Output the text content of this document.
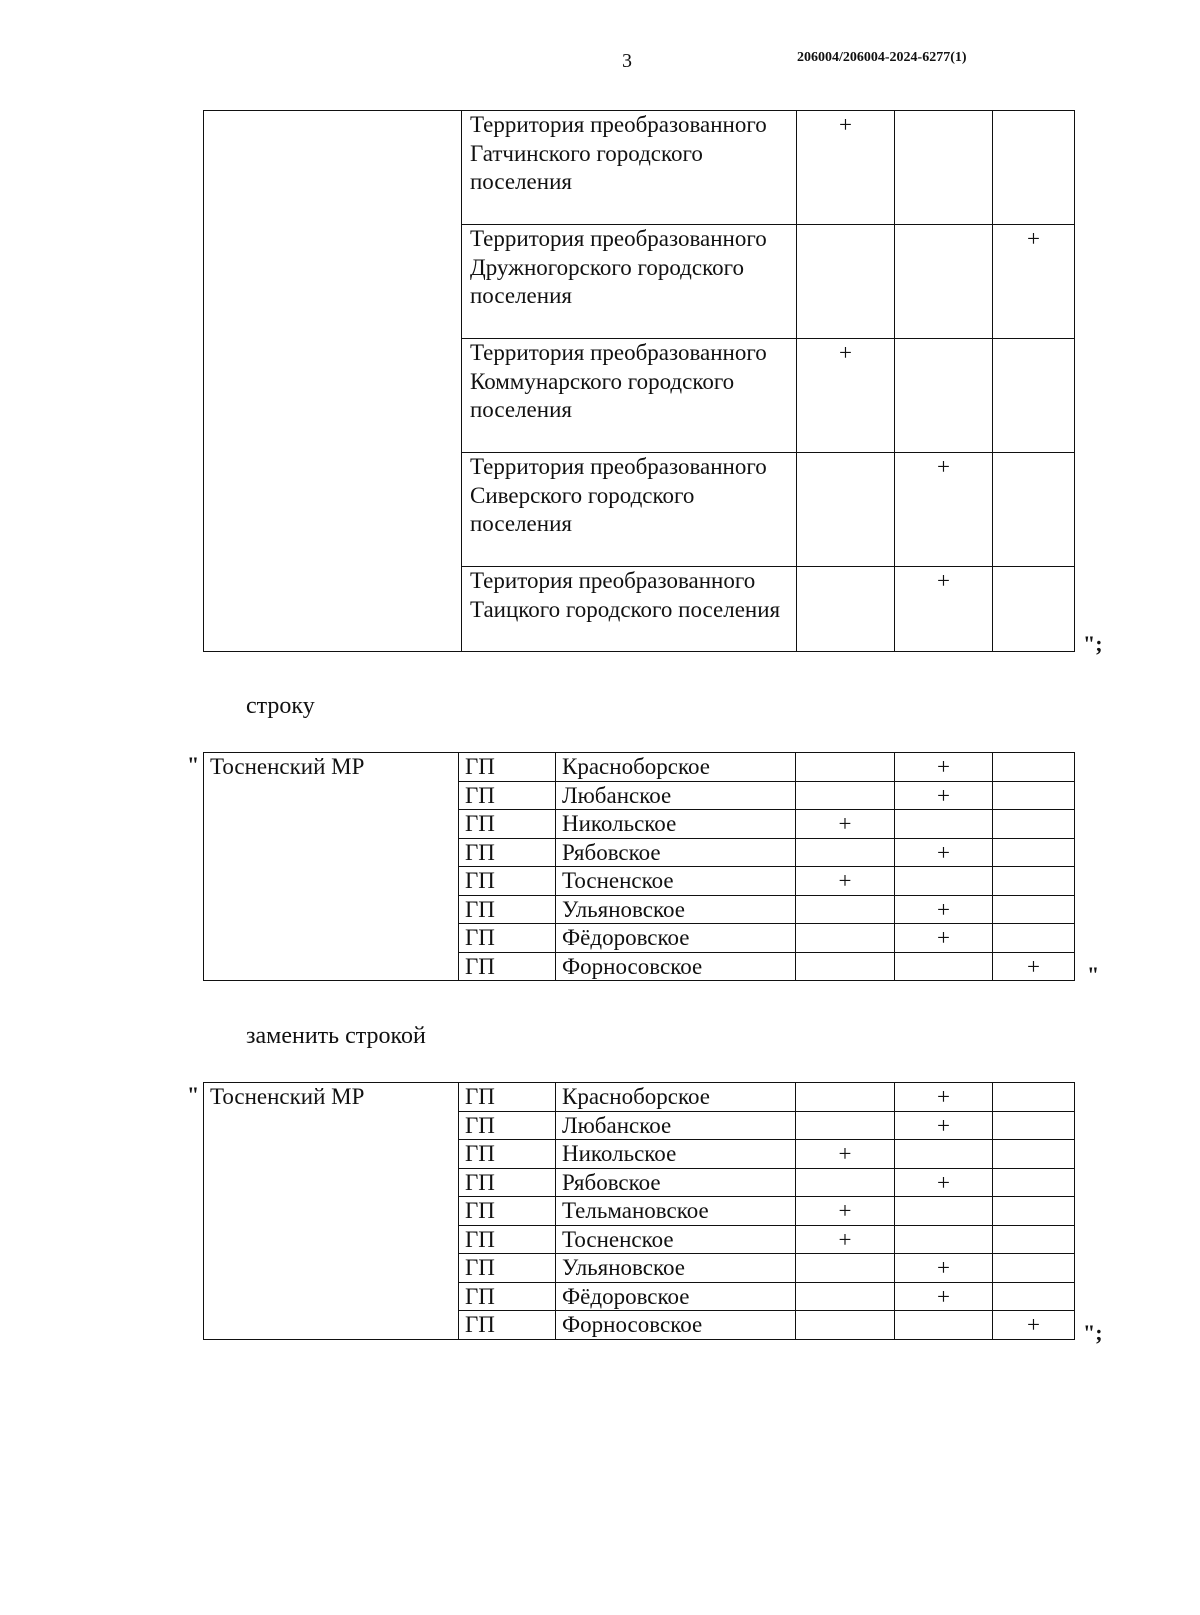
3	206004/206004-2024-6277(1)
	Территория преобразованного Гатчинского городского поселения	+		
	Территория преобразованного Дружногорского городского поселения			+
	Территория преобразованного Коммунарского городского поселения	+		
	Территория преобразованного Сиверского городского поселения		+	
	Територия преобразованного Таицкого городского поселения		+	
";
строку
" Тосненский МР	ГП	Красноборское		+	
	ГП	Любанское		+	
	ГП	Никольское	+		
	ГП	Рябовское		+	
	ГП	Тосненское	+		
	ГП	Ульяновское		+	
	ГП	Фёдоровское		+	
	ГП	Форносовское			+ "
заменить строкой
" Тосненский МР	ГП	Красноборское		+	
	ГП	Любанское		+	
	ГП	Никольское	+		
	ГП	Рябовское		+	
	ГП	Тельмановское	+		
	ГП	Тосненское	+		
	ГП	Ульяновское		+	
	ГП	Фёдоровское		+	
	ГП	Форносовское			+ ";
